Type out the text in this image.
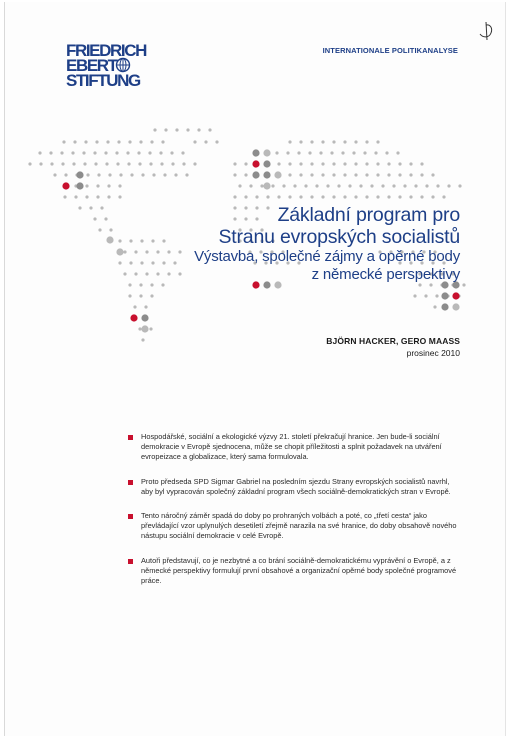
FRIEDRICH
EBERT
STIFTUNG
INTERNATIONALE POLITIKANALYSE
Základní program pro
Stranu evropských socialistů
Výstavba, společné zájmy a opěrné body
z německé perspektivy
BJÖRN HACKER, GERO MAASS
prosinec 2010
Hospodářské, sociální a ekologické výzvy 21. století překračují hranice. Jen bude-li sociální demokracie v Evropě sjednocena, může se chopit příležitosti a splnit požadavek na utváření evropeizace a globalizace, který sama formulovala.
Proto předseda SPD Sigmar Gabriel na posledním sjezdu Strany evropských socialistů navrhl, aby byl vypracován společný základní program všech sociálně-demokratických stran v Evropě.
Tento náročný záměr spadá do doby po prohraných volbách a poté, co „třetí cesta“ jako převládající vzor uplynulých desetiletí zřejmě narazila na své hranice, do doby obsahově nového nástupu sociální demokracie v celé Evropě.
Autoři představují, co je nezbytné a co brání sociálně-demokratickému vyprávění o Evropě, a z německé perspektivy formulují první obsahové a organizační opěrné body společné programové práce.
